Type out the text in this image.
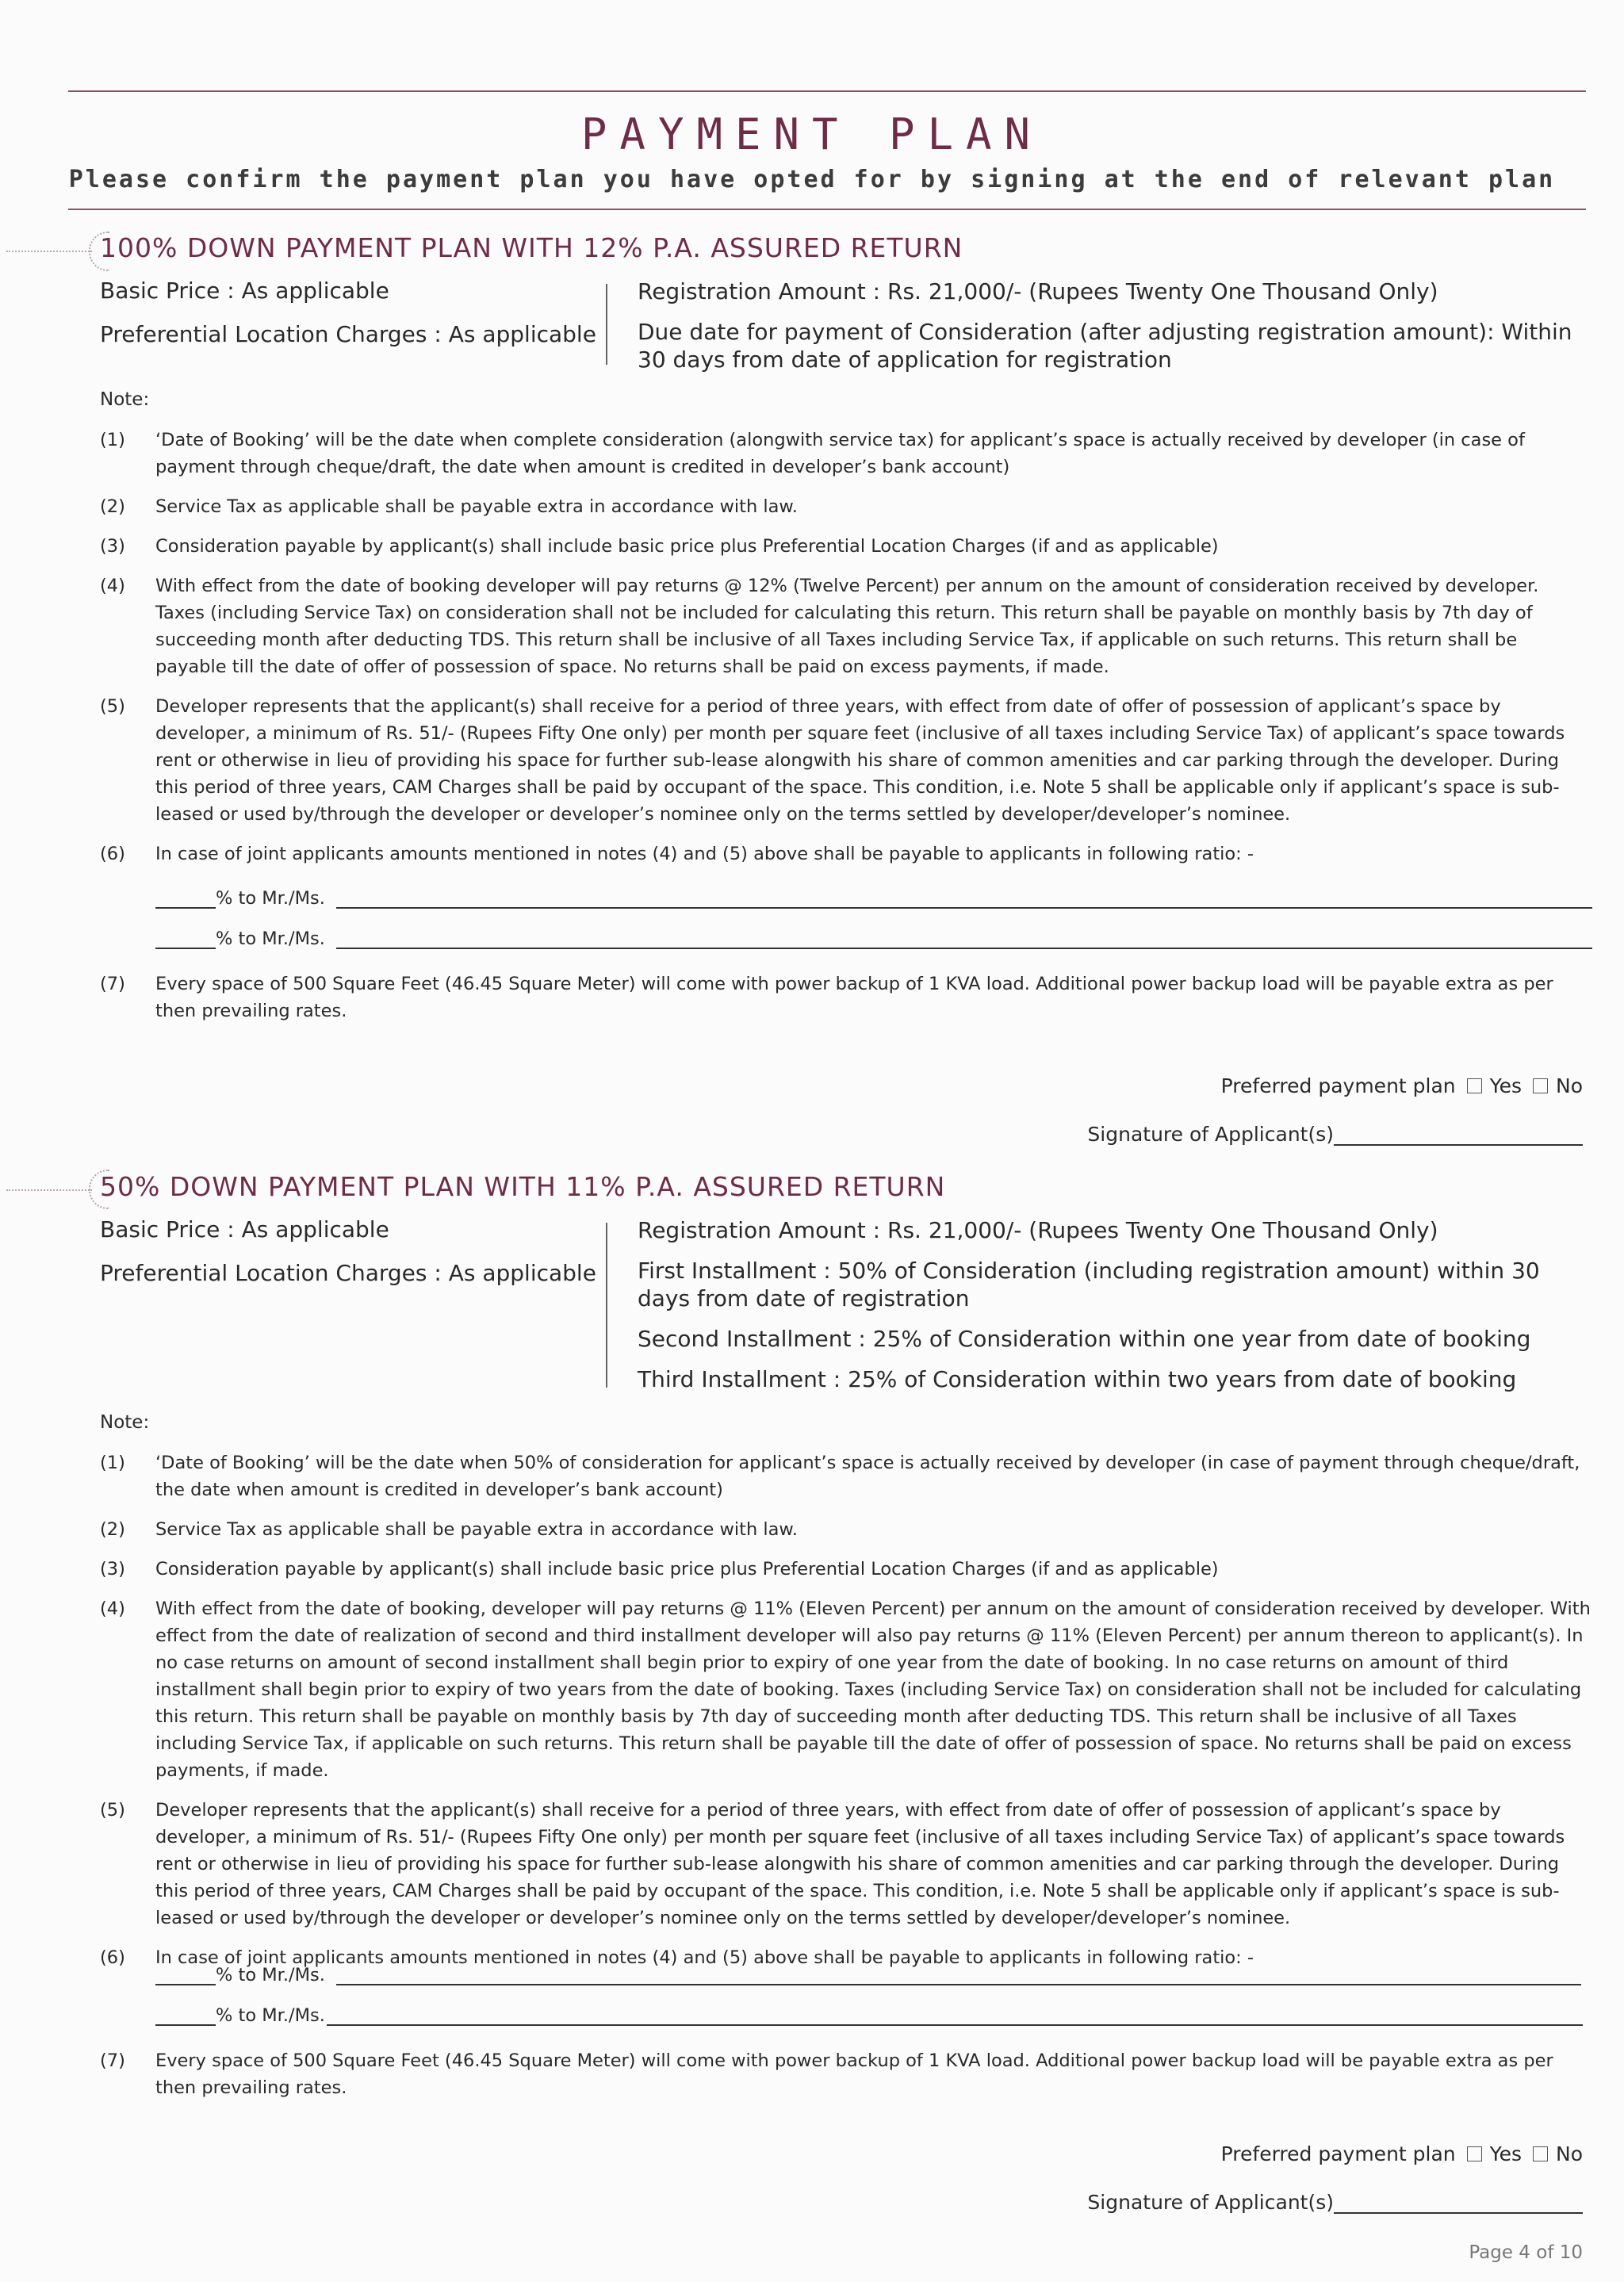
PAYMENT PLAN
Please confirm the payment plan you have opted for by signing at the end of relevant plan
100% DOWN PAYMENT PLAN WITH 12% P.A. ASSURED RETURN
Basic Price : As applicable
Preferential Location Charges : As applicable
Registration Amount : Rs. 21,000/- (Rupees Twenty One Thousand Only)
Due date for payment of Consideration (after adjusting registration amount): Within 30 days from date of application for registration
Note:
(1)	‘Date of Booking’ will be the date when complete consideration (alongwith service tax) for applicant’s space is actually received by developer (in case of payment through cheque/draft, the date when amount is credited in developer’s bank account)
(2)	Service Tax as applicable shall be payable extra in accordance with law.
(3)	Consideration payable by applicant(s) shall include basic price plus Preferential Location Charges (if and as applicable)
(4)	With effect from the date of booking developer will pay returns @ 12% (Twelve Percent) per annum on the amount of consideration received by developer. Taxes (including Service Tax) on consideration shall not be included for calculating this return. This return shall be payable on monthly basis by 7th day of succeeding month after deducting TDS. This return shall be inclusive of all Taxes including Service Tax, if applicable on such returns. This return shall be payable till the date of offer of possession of space. No returns shall be paid on excess payments, if made.
(5)	Developer represents that the applicant(s) shall receive for a period of three years, with effect from date of offer of possession of applicant’s space by developer, a minimum of Rs. 51/- (Rupees Fifty One only) per month per square feet (inclusive of all taxes including Service Tax) of applicant’s space towards rent or otherwise in lieu of providing his space for further sub-lease alongwith his share of common amenities and car parking through the developer. During this period of three years, CAM Charges shall be paid by occupant of the space. This condition, i.e. Note 5 shall be applicable only if applicant’s space is sub-leased or used by/through the developer or developer’s nominee only on the terms settled by developer/developer’s nominee.
(6)	In case of joint applicants amounts mentioned in notes (4) and (5) above shall be payable to applicants in following ratio: -
% to Mr./Ms.
% to Mr./Ms.
(7)	Every space of 500 Square Feet (46.45 Square Meter) will come with power backup of 1 KVA load. Additional power backup load will be payable extra as per then prevailing rates.
Preferred payment plan Yes No
Signature of Applicant(s)
50% DOWN PAYMENT PLAN WITH 11% P.A. ASSURED RETURN
Basic Price : As applicable
Preferential Location Charges : As applicable
Registration Amount : Rs. 21,000/- (Rupees Twenty One Thousand Only)
First Installment : 50% of Consideration (including registration amount) within 30 days from date of registration
Second Installment : 25% of Consideration within one year from date of booking
Third Installment : 25% of Consideration within two years from date of booking
Note:
(1)	‘Date of Booking’ will be the date when 50% of consideration for applicant’s space is actually received by developer (in case of payment through cheque/draft, the date when amount is credited in developer’s bank account)
(2)	Service Tax as applicable shall be payable extra in accordance with law.
(3)	Consideration payable by applicant(s) shall include basic price plus Preferential Location Charges (if and as applicable)
(4)	With effect from the date of booking, developer will pay returns @ 11% (Eleven Percent) per annum on the amount of consideration received by developer. With effect from the date of realization of second and third installment developer will also pay returns @ 11% (Eleven Percent) per annum thereon to applicant(s). In no case returns on amount of second installment shall begin prior to expiry of one year from the date of booking. In no case returns on amount of third installment shall begin prior to expiry of two years from the date of booking. Taxes (including Service Tax) on consideration shall not be included for calculating this return. This return shall be payable on monthly basis by 7th day of succeeding month after deducting TDS. This return shall be inclusive of all Taxes including Service Tax, if applicable on such returns. This return shall be payable till the date of offer of possession of space. No returns shall be paid on excess payments, if made.
(5)	Developer represents that the applicant(s) shall receive for a period of three years, with effect from date of offer of possession of applicant’s space by developer, a minimum of Rs. 51/- (Rupees Fifty One only) per month per square feet (inclusive of all taxes including Service Tax) of applicant’s space towards rent or otherwise in lieu of providing his space for further sub-lease alongwith his share of common amenities and car parking through the developer. During this period of three years, CAM Charges shall be paid by occupant of the space. This condition, i.e. Note 5 shall be applicable only if applicant’s space is sub-leased or used by/through the developer or developer’s nominee only on the terms settled by developer/developer’s nominee.
(6)	In case of joint applicants amounts mentioned in notes (4) and (5) above shall be payable to applicants in following ratio: -
% to Mr./Ms.
% to Mr./Ms.
(7)	Every space of 500 Square Feet (46.45 Square Meter) will come with power backup of 1 KVA load. Additional power backup load will be payable extra as per then prevailing rates.
Preferred payment plan Yes No
Signature of Applicant(s)
Page 4 of 10
